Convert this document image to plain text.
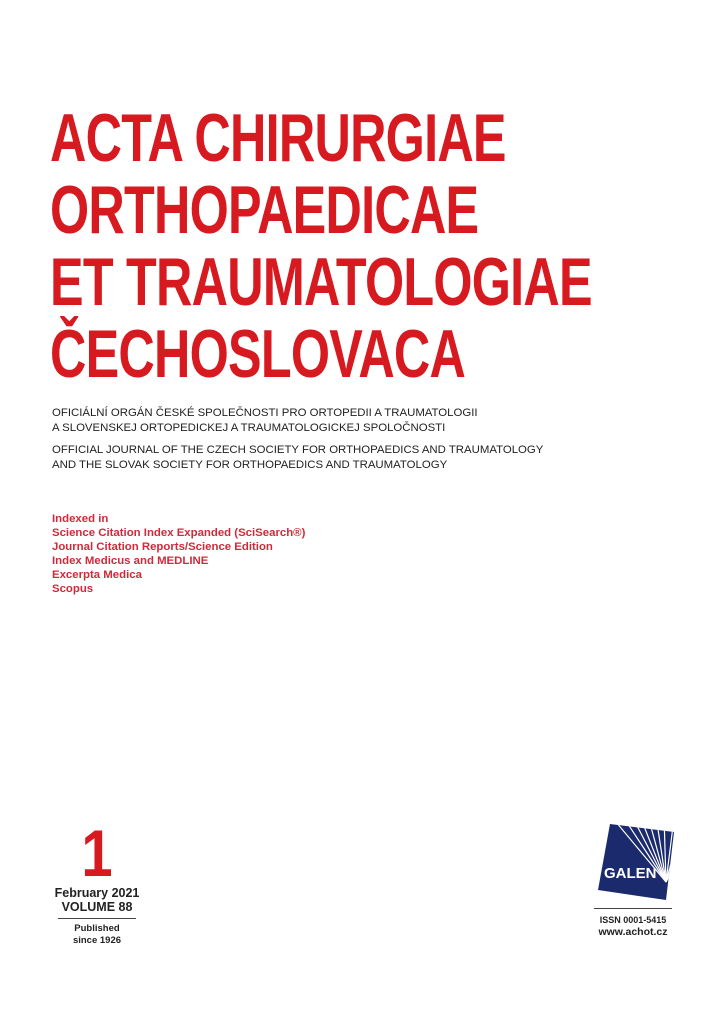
ACTA CHIRURGIAE
ORTHOPAEDICAE
ET TRAUMATOLOGIAE
ČECHOSLOVACA
OFICIÁLNÍ ORGÁN ČESKÉ SPOLEČNOSTI PRO ORTOPEDII A TRAUMATOLOGII
A SLOVENSKEJ ORTOPEDICKEJ A TRAUMATOLOGICKEJ SPOLOČNOSTI
OFFICIAL JOURNAL OF THE CZECH SOCIETY FOR ORTHOPAEDICS AND TRAUMATOLOGY
AND THE SLOVAK SOCIETY FOR ORTHOPAEDICS AND TRAUMATOLOGY
Indexed in
Science Citation Index Expanded (SciSearch®)
Journal Citation Reports/Science Edition
Index Medicus and MEDLINE
Excerpta Medica
Scopus
1
February 2021
VOLUME 88
Published
since 1926
GALEN
ISSN 0001-5415
www.achot.cz
